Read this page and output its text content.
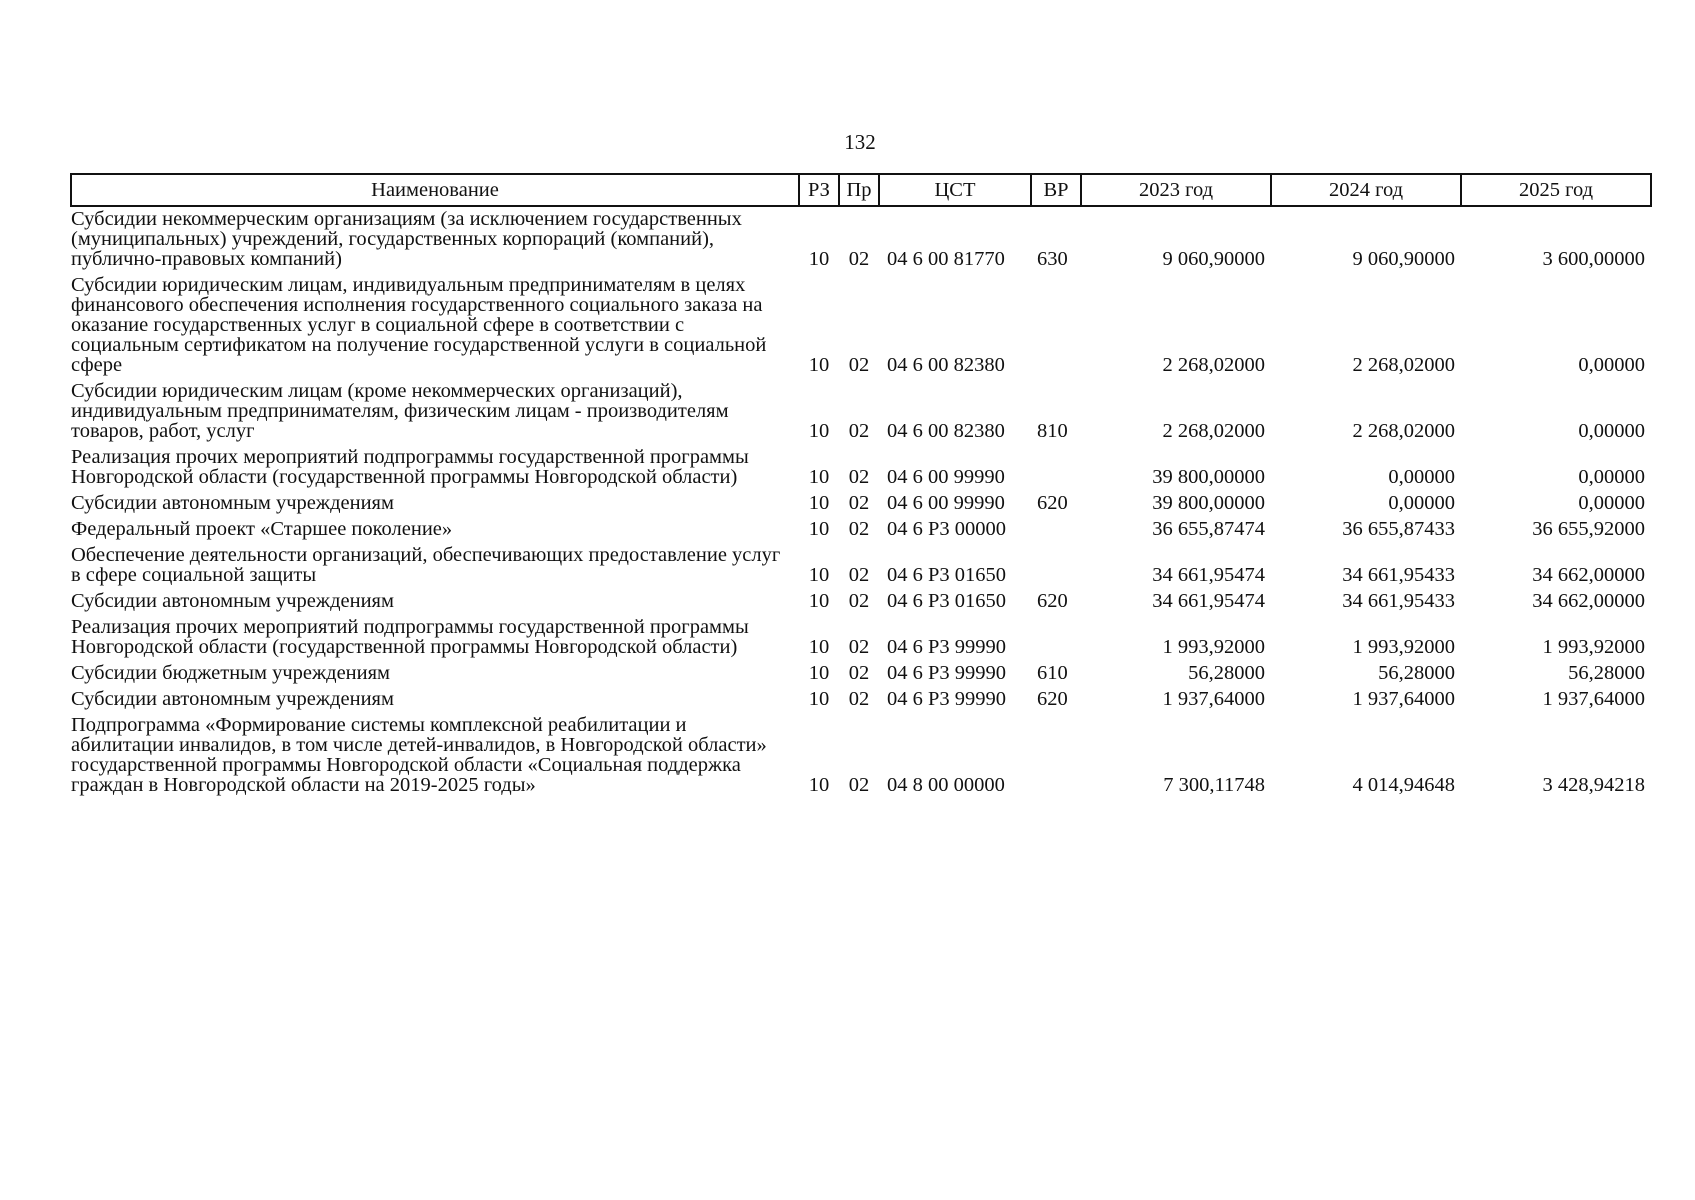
132
Наименование	РЗ	Пр	ЦСТ	ВР	2023 год	2024 год	2025 год
Субсидии некоммерческим организациям (за исключением государственных (муниципальных) учреждений, государственных корпораций (компаний), публично-правовых компаний)	10	02	04 6 00 81770	630	9 060,90000	9 060,90000	3 600,00000
Субсидии юридическим лицам, индивидуальным предпринимателям в целях финансового обеспечения исполнения государственного социального заказа на оказание государственных услуг в социальной сфере в соответствии с социальным сертификатом на получение государственной услуги в социальной сфере	10	02	04 6 00 82380		2 268,02000	2 268,02000	0,00000
Субсидии юридическим лицам (кроме некоммерческих организаций), индивидуальным предпринимателям, физическим лицам - производителям товаров, работ, услуг	10	02	04 6 00 82380	810	2 268,02000	2 268,02000	0,00000
Реализация прочих мероприятий подпрограммы государственной программы Новгородской области (государственной программы Новгородской области)	10	02	04 6 00 99990		39 800,00000	0,00000	0,00000
Субсидии автономным учреждениям	10	02	04 6 00 99990	620	39 800,00000	0,00000	0,00000
Федеральный проект «Старшее поколение»	10	02	04 6 Р3 00000		36 655,87474	36 655,87433	36 655,92000
Обеспечение деятельности организаций, обеспечивающих предоставление услуг в сфере социальной защиты	10	02	04 6 Р3 01650		34 661,95474	34 661,95433	34 662,00000
Субсидии автономным учреждениям	10	02	04 6 Р3 01650	620	34 661,95474	34 661,95433	34 662,00000
Реализация прочих мероприятий подпрограммы государственной программы Новгородской области (государственной программы Новгородской области)	10	02	04 6 Р3 99990		1 993,92000	1 993,92000	1 993,92000
Субсидии бюджетным учреждениям	10	02	04 6 Р3 99990	610	56,28000	56,28000	56,28000
Субсидии автономным учреждениям	10	02	04 6 Р3 99990	620	1 937,64000	1 937,64000	1 937,64000
Подпрограмма «Формирование системы комплексной реабилитации и абилитации инвалидов, в том числе детей-инвалидов, в Новгородской области» государственной программы Новгородской области «Социальная поддержка граждан в Новгородской области на 2019-2025 годы»	10	02	04 8 00 00000		7 300,11748	4 014,94648	3 428,94218
